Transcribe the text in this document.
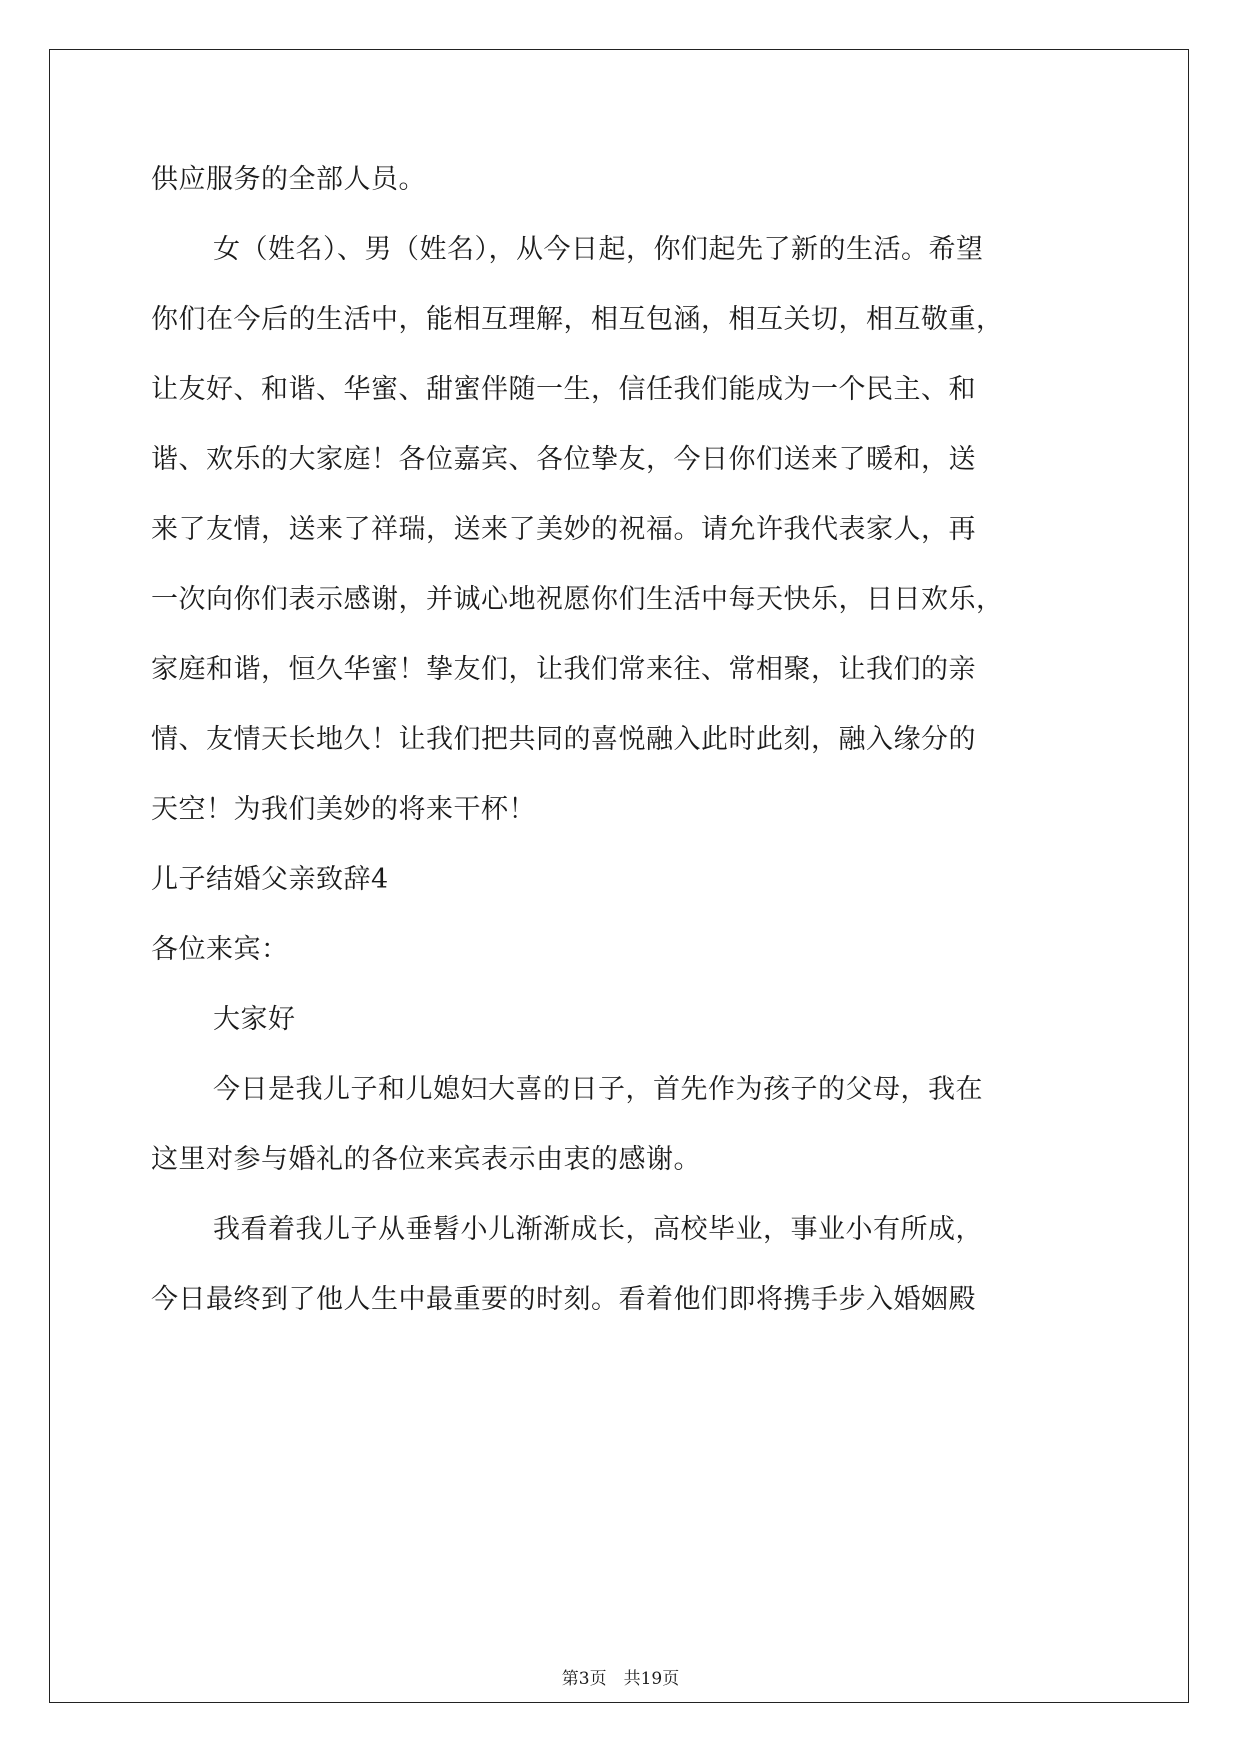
供应服务的全部人员。
女（姓名）、男（姓名），从今日起，你们起先了新的生活。希望
你们在今后的生活中，能相互理解，相互包涵，相互关切，相互敬重，
让友好、和谐、华蜜、甜蜜伴随一生，信任我们能成为一个民主、和
谐、欢乐的大家庭！各位嘉宾、各位挚友，今日你们送来了暖和，送
来了友情，送来了祥瑞，送来了美妙的祝福。请允许我代表家人，再
一次向你们表示感谢，并诚心地祝愿你们生活中每天快乐，日日欢乐，
家庭和谐，恒久华蜜！挚友们，让我们常来往、常相聚，让我们的亲
情、友情天长地久！让我们把共同的喜悦融入此时此刻，融入缘分的
天空！为我们美妙的将来干杯！
儿子结婚父亲致辞4
各位来宾：
大家好
今日是我儿子和儿媳妇大喜的日子，首先作为孩子的父母，我在
这里对参与婚礼的各位来宾表示由衷的感谢。
我看着我儿子从垂髫小儿渐渐成长，高校毕业，事业小有所成，
今日最终到了他人生中最重要的时刻。看着他们即将携手步入婚姻殿
第3页　共19页
